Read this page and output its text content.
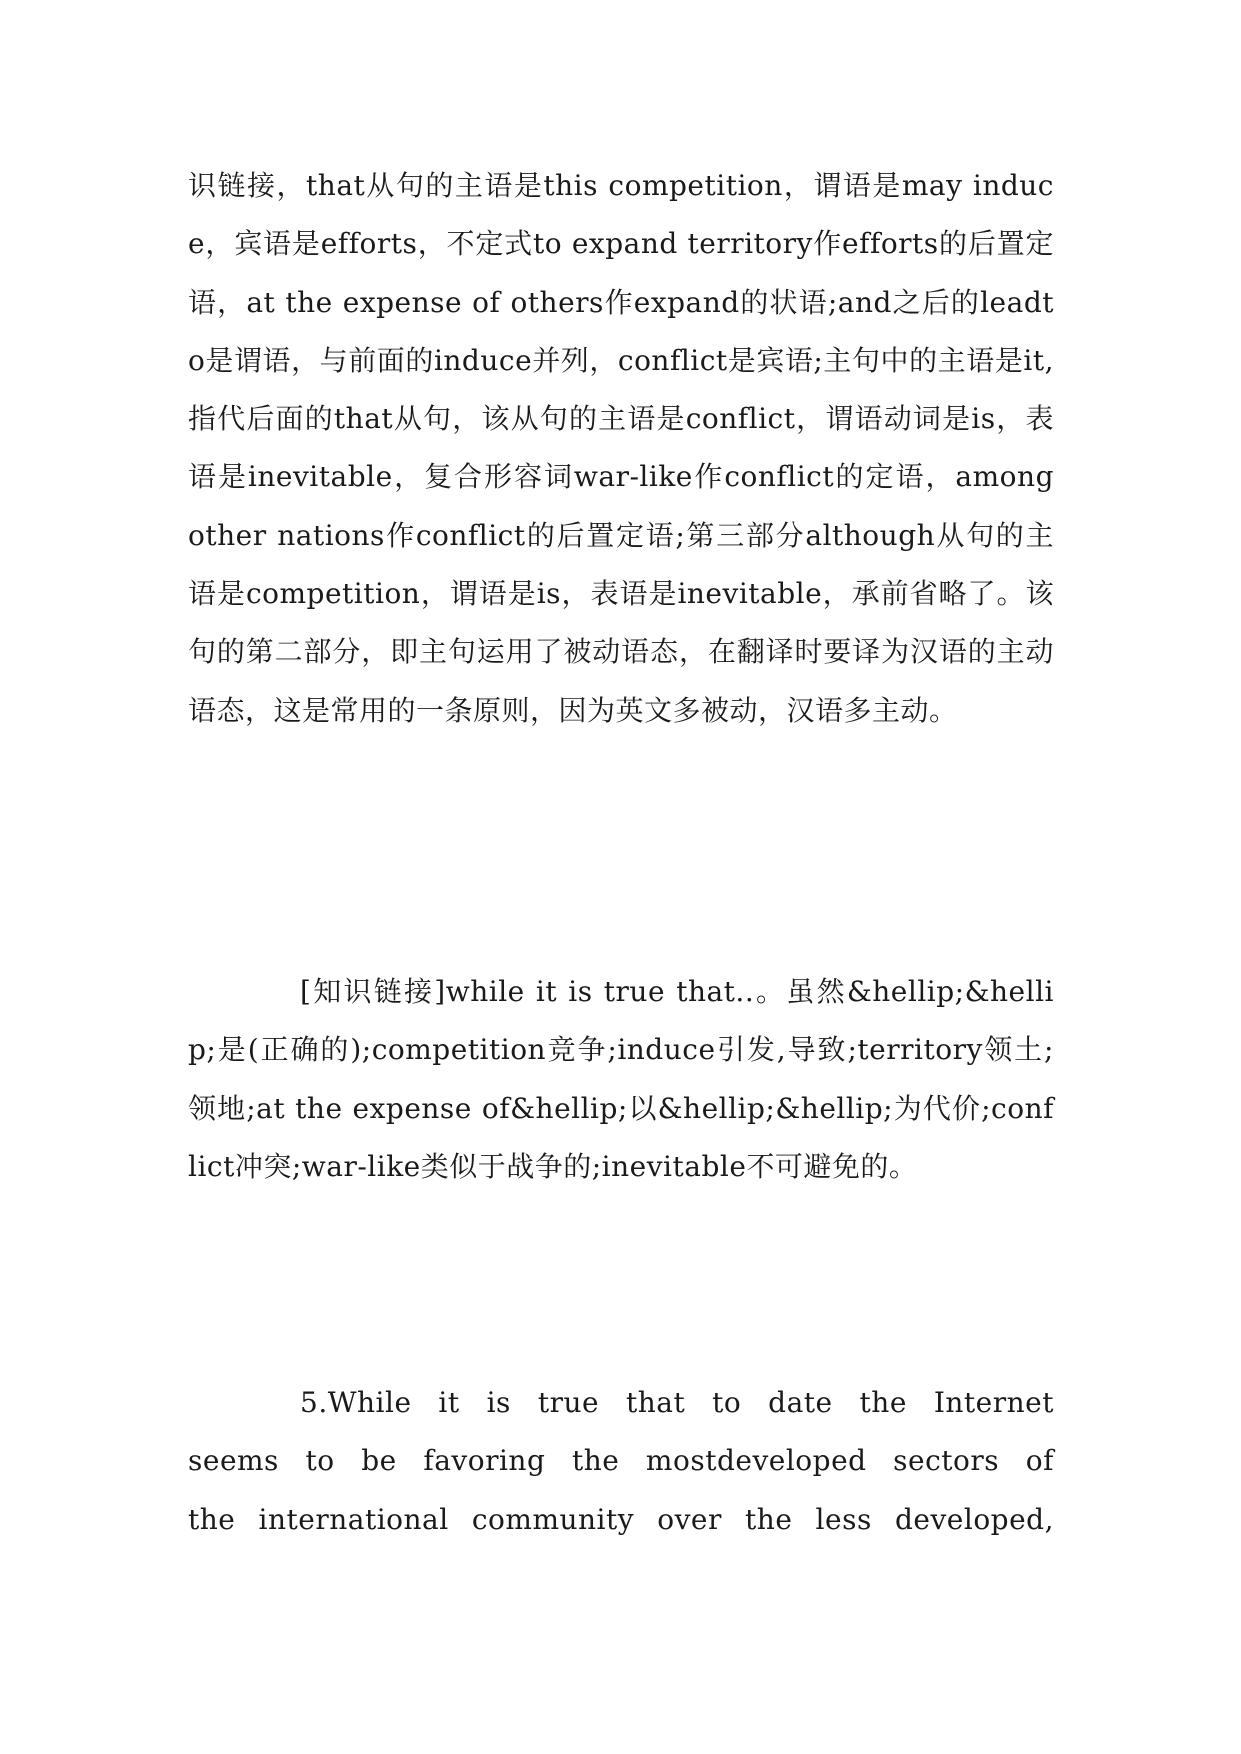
识链接，that从句的主语是this competition，谓语是may induce，宾语是efforts，不定式to expand territory作efforts的后置定语，at the expense of others作expand的状语;and之后的leadto是谓语，与前面的induce并列，conflict是宾语;主句中的主语是it,指代后面的that从句，该从句的主语是conflict，谓语动词是is，表语是inevitable，复合形容词war-like作conflict的定语，among other nations作conflict的后置定语;第三部分although从句的主语是competition，谓语是is，表语是inevitable，承前省略了。该句的第二部分，即主句运用了被动语态，在翻译时要译为汉语的主动语态，这是常用的一条原则，因为英文多被动，汉语多主动。
[知识链接]while it is true that..。虽然&hellip;&hellip;是(正确的);competition竞争;induce引发,导致;territory领土;领地;at the expense of&hellip;以&hellip;&hellip;为代价;conflict冲突;war-like类似于战争的;inevitable不可避免的。
5.While it is true that to date the Internet
seems to be favoring the mostdeveloped sectors of
the international community over the less developed,
